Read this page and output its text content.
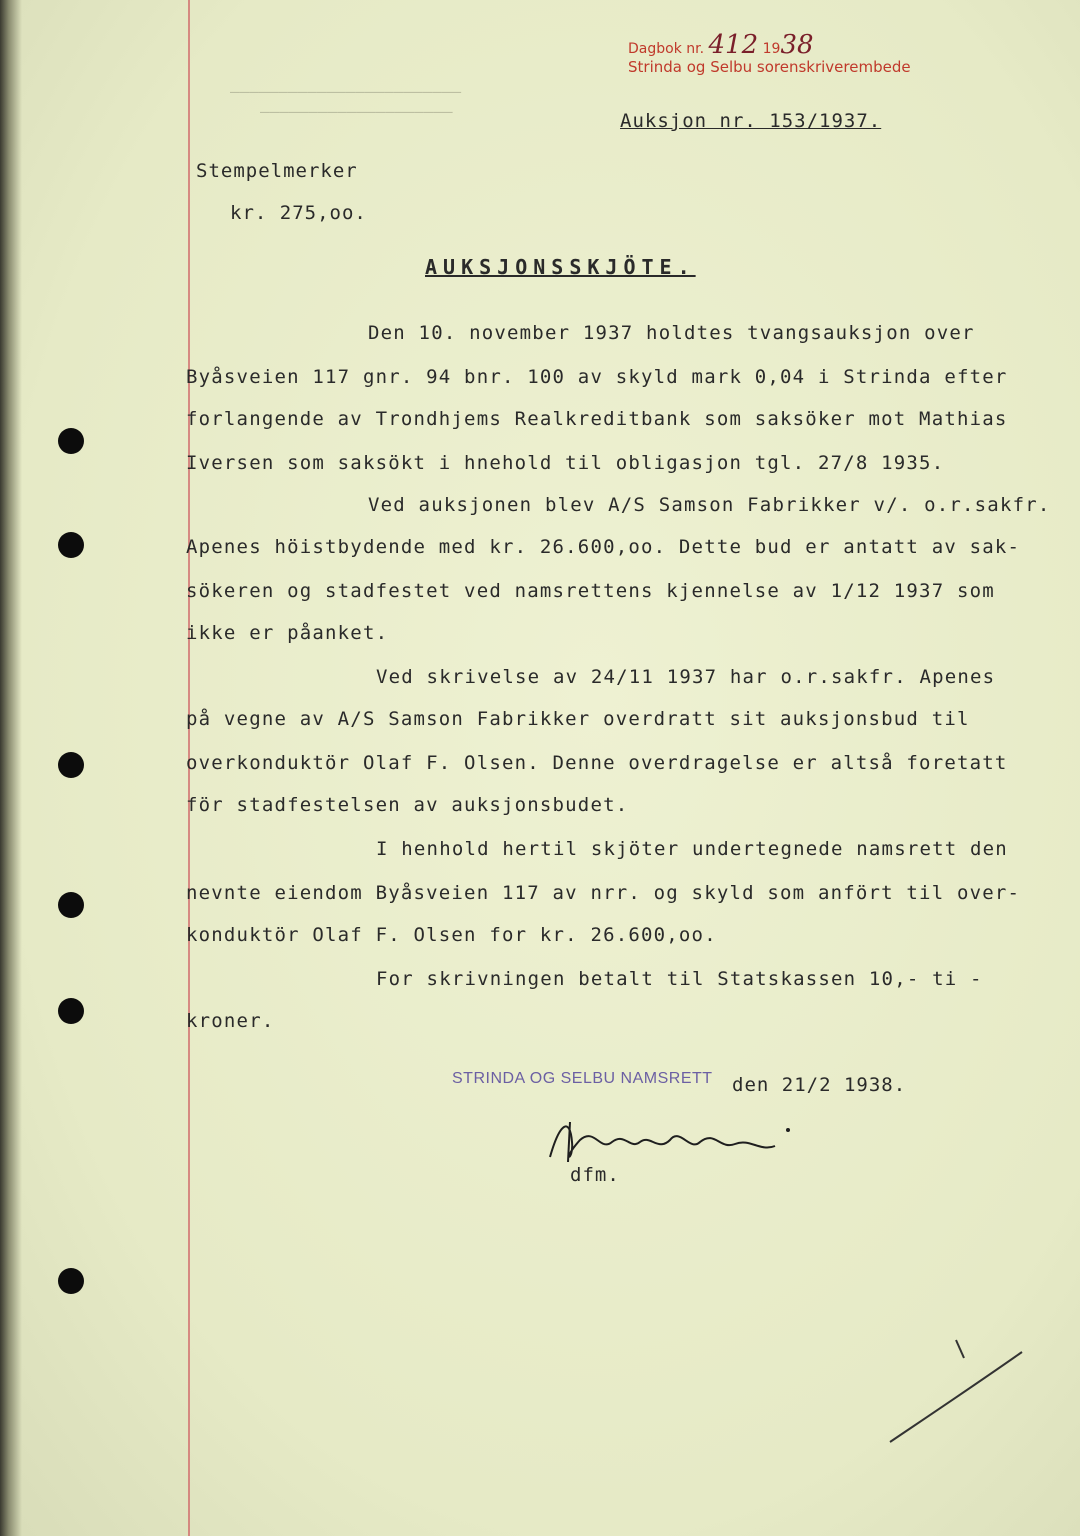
Dagbok nr. 412 1938
Strinda og Selbu sorenskriverembede
————————————————————————
————————————————————	Auksjon nr. 153/1937.
Stempelmerker
kr. 275,oo.
AUKSJONSSKJÖTE.
Den 10. november 1937 holdtes tvangsauksjon over
Byåsveien 117 gnr. 94 bnr. 100 av skyld mark 0,04 i Strinda efter
forlangende av Trondhjems Realkreditbank som saksöker mot Mathias
Iversen som saksökt i hnehold til obligasjon tgl. 27/8 1935.
Ved auksjonen blev A/S Samson Fabrikker v/. o.r.sakfr.
Apenes höistbydende med kr. 26.600,oo. Dette bud er antatt av sak-
sökeren og stadfestet ved namsrettens kjennelse av 1/12 1937 som
ikke er påanket.
Ved skrivelse av 24/11 1937 har o.r.sakfr. Apenes
på vegne av A/S Samson Fabrikker overdratt sit auksjonsbud til
overkonduktör Olaf F. Olsen. Denne overdragelse er altså foretatt
för stadfestelsen av auksjonsbudet.
I henhold hertil skjöter undertegnede namsrett den
nevnte eiendom Byåsveien 117 av nrr. og skyld som anfört til over-
konduktör Olaf F. Olsen for kr. 26.600,oo.
For skrivningen betalt til Statskassen 10,- ti -
kroner.
STRINDA OG SELBU NAMSRETT den 21/2 1938.
dfm.
